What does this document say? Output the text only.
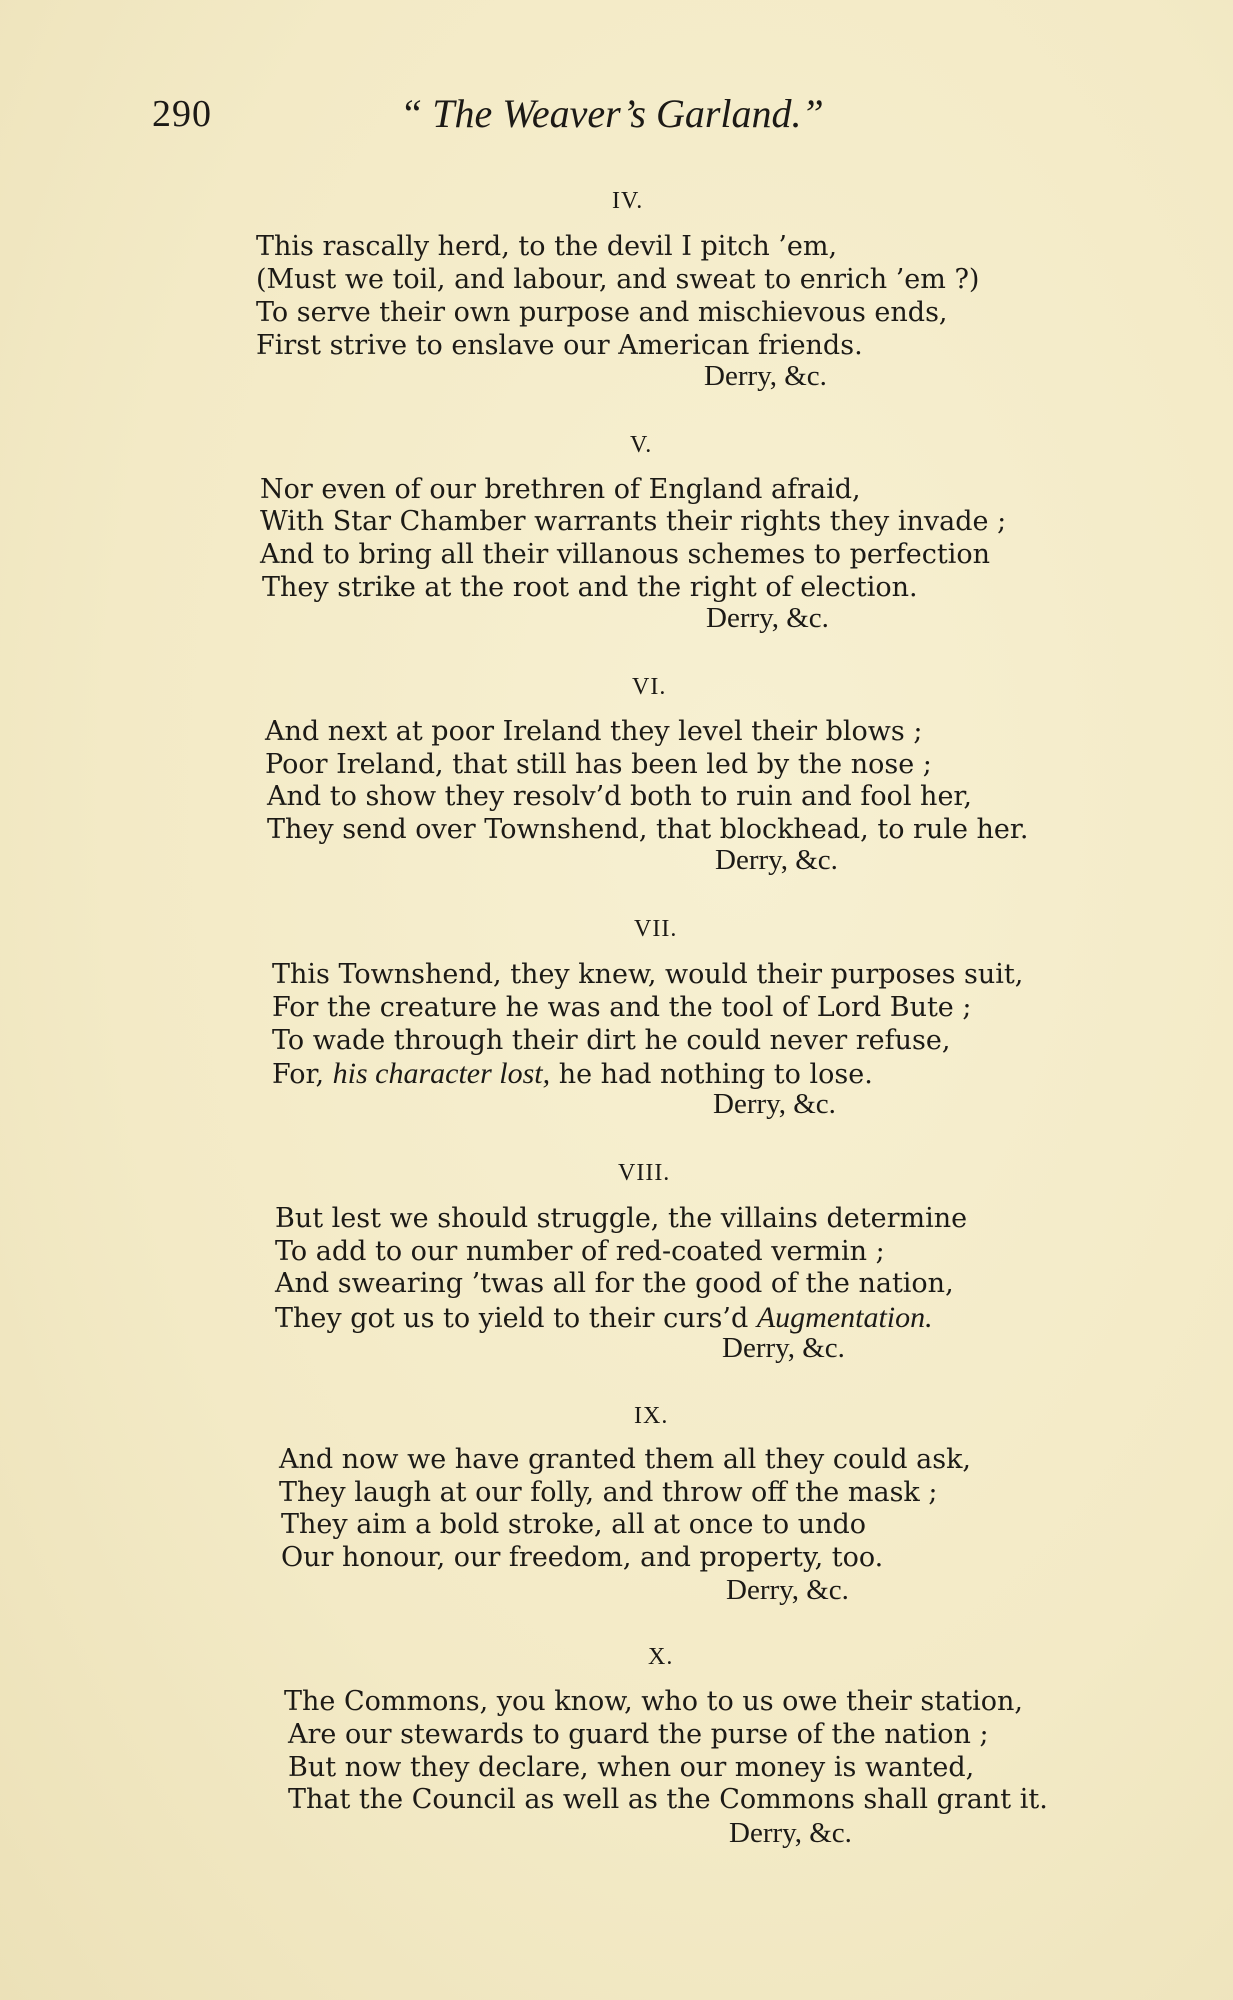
290	“ The Weaver’s Garland.”
IV.
This rascally herd, to the devil I pitch ’em,
(Must we toil, and labour, and sweat to enrich ’em ?)
To serve their own purpose and mischievous ends,
First strive to enslave our American friends.
Derry, &c.
V.
Nor even of our brethren of England afraid,
With Star Chamber warrants their rights they invade ;
And to bring all their villanous schemes to perfection
They strike at the root and the right of election.
Derry, &c.
VI.
And next at poor Ireland they level their blows ;
Poor Ireland, that still has been led by the nose ;
And to show they resolv’d both to ruin and fool her,
They send over Townshend, that blockhead, to rule her.
Derry, &c.
VII.
This Townshend, they knew, would their purposes suit,
For the creature he was and the tool of Lord Bute ;
To wade through their dirt he could never refuse,
For, his character lost, he had nothing to lose.
Derry, &c.
VIII.
But lest we should struggle, the villains determine
To add to our number of red-coated vermin ;
And swearing ’twas all for the good of the nation,
They got us to yield to their curs’d Augmentation.
Derry, &c.
IX.
And now we have granted them all they could ask,
They laugh at our folly, and throw off the mask ;
They aim a bold stroke, all at once to undo
Our honour, our freedom, and property, too.
Derry, &c.
X.
The Commons, you know, who to us owe their station,
Are our stewards to guard the purse of the nation ;
But now they declare, when our money is wanted,
That the Council as well as the Commons shall grant it.
Derry, &c.
